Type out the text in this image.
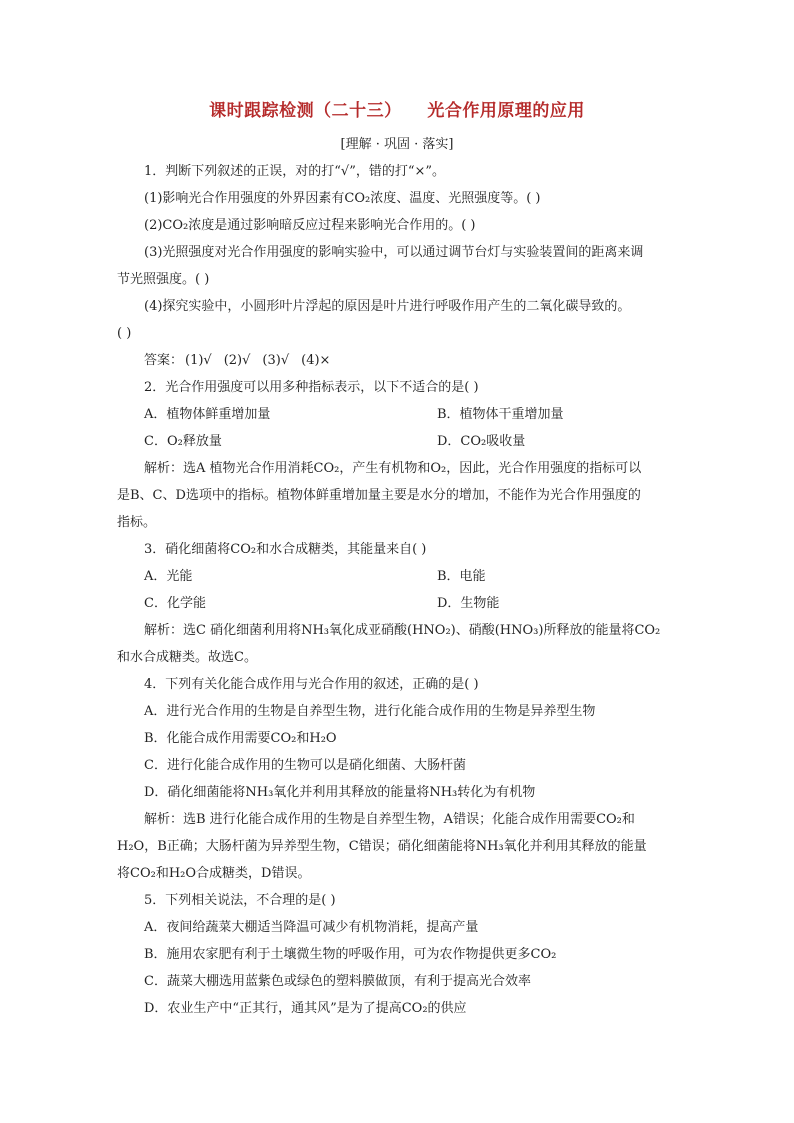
课时跟踪检测（二十三）    光合作用原理的应用
[理解 · 巩固 · 落实]
1．判断下列叙述的正误，对的打“√”，错的打“×”。
(1)影响光合作用强度的外界因素有CO₂浓度、温度、光照强度等。( )
(2)CO₂浓度是通过影响暗反应过程来影响光合作用的。( )
(3)光照强度对光合作用强度的影响实验中，可以通过调节台灯与实验装置间的距离来调
节光照强度。( )
(4)探究实验中，小圆形叶片浮起的原因是叶片进行呼吸作用产生的二氧化碳导致的。
( )
答案： (1)√ (2)√ (3)√ (4)×
2．光合作用强度可以用多种指标表示，以下不适合的是( )
A．植物体鲜重增加量	B．植物体干重增加量
C．O₂释放量	D．CO₂吸收量
解析：选A 植物光合作用消耗CO₂，产生有机物和O₂，因此，光合作用强度的指标可以
是B、C、D选项中的指标。植物体鲜重增加量主要是水分的增加，不能作为光合作用强度的
指标。
3．硝化细菌将CO₂和水合成糖类，其能量来自( )
A．光能	B．电能
C．化学能	D．生物能
解析：选C 硝化细菌利用将NH₃氧化成亚硝酸(HNO₂)、硝酸(HNO₃)所释放的能量将CO₂
和水合成糖类。故选C。
4．下列有关化能合成作用与光合作用的叙述，正确的是( )
A．进行光合作用的生物是自养型生物，进行化能合成作用的生物是异养型生物
B．化能合成作用需要CO₂和H₂O
C．进行化能合成作用的生物可以是硝化细菌、大肠杆菌
D．硝化细菌能将NH₃氧化并利用其释放的能量将NH₃转化为有机物
解析：选B 进行化能合成作用的生物是自养型生物，A错误；化能合成作用需要CO₂和
H₂O，B正确；大肠杆菌为异养型生物，C错误；硝化细菌能将NH₃氧化并利用其释放的能量
将CO₂和H₂O合成糖类，D错误。
5．下列相关说法，不合理的是( )
A．夜间给蔬菜大棚适当降温可减少有机物消耗，提高产量
B．施用农家肥有利于土壤微生物的呼吸作用，可为农作物提供更多CO₂
C．蔬菜大棚选用蓝紫色或绿色的塑料膜做顶，有利于提高光合效率
D．农业生产中“正其行，通其风”是为了提高CO₂的供应
